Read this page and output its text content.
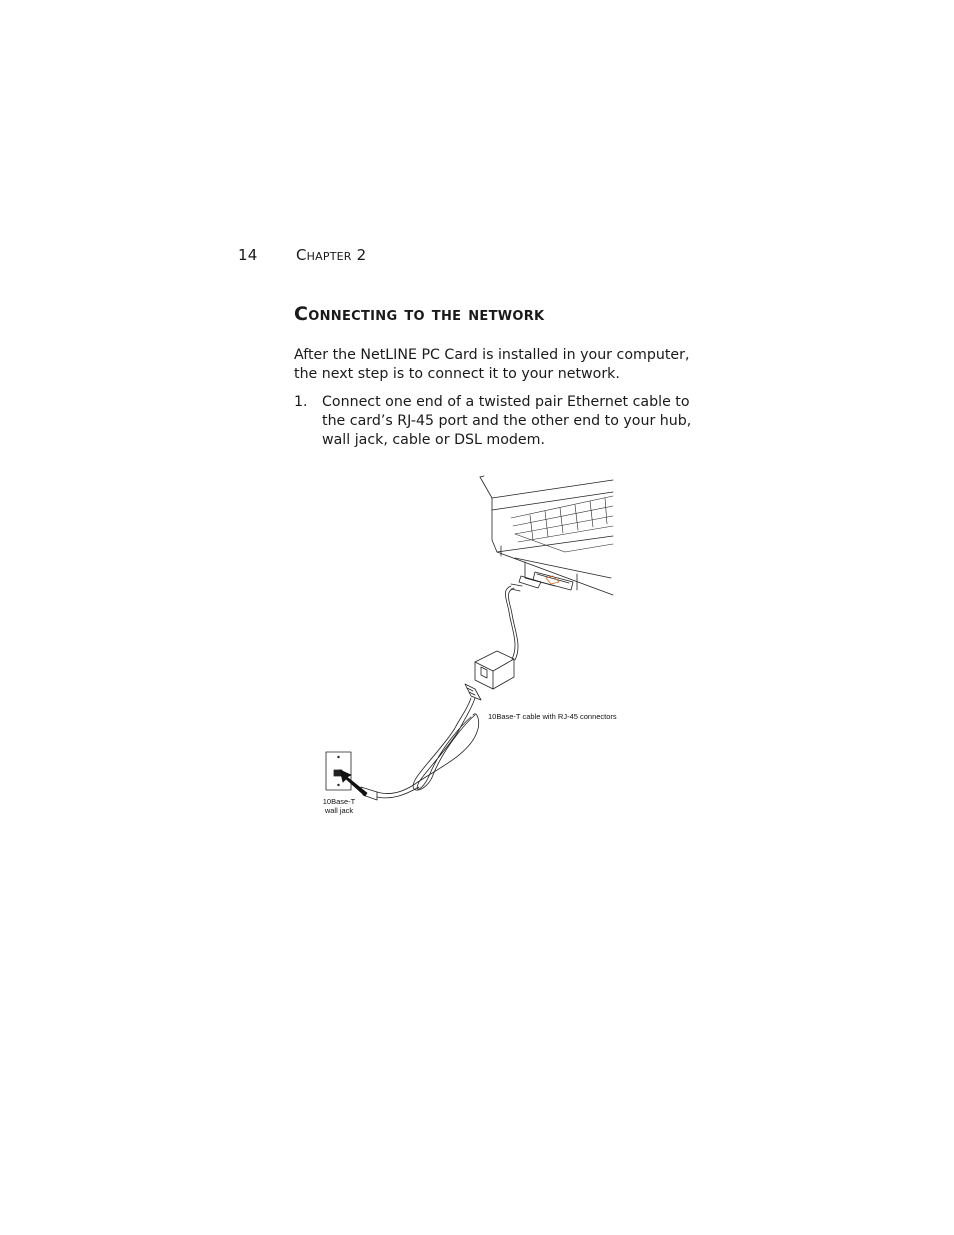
14	Chapter 2
Connecting to the network

After the NetLINE PC Card is installed in your computer, the next step is to connect it to your network.

1. Connect one end of a twisted pair Ethernet cable to the card’s RJ-45 port and the other end to your hub, wall jack, cable or DSL modem.
10Base-T cable with RJ-45 connectors
10Base-T
wall jack
